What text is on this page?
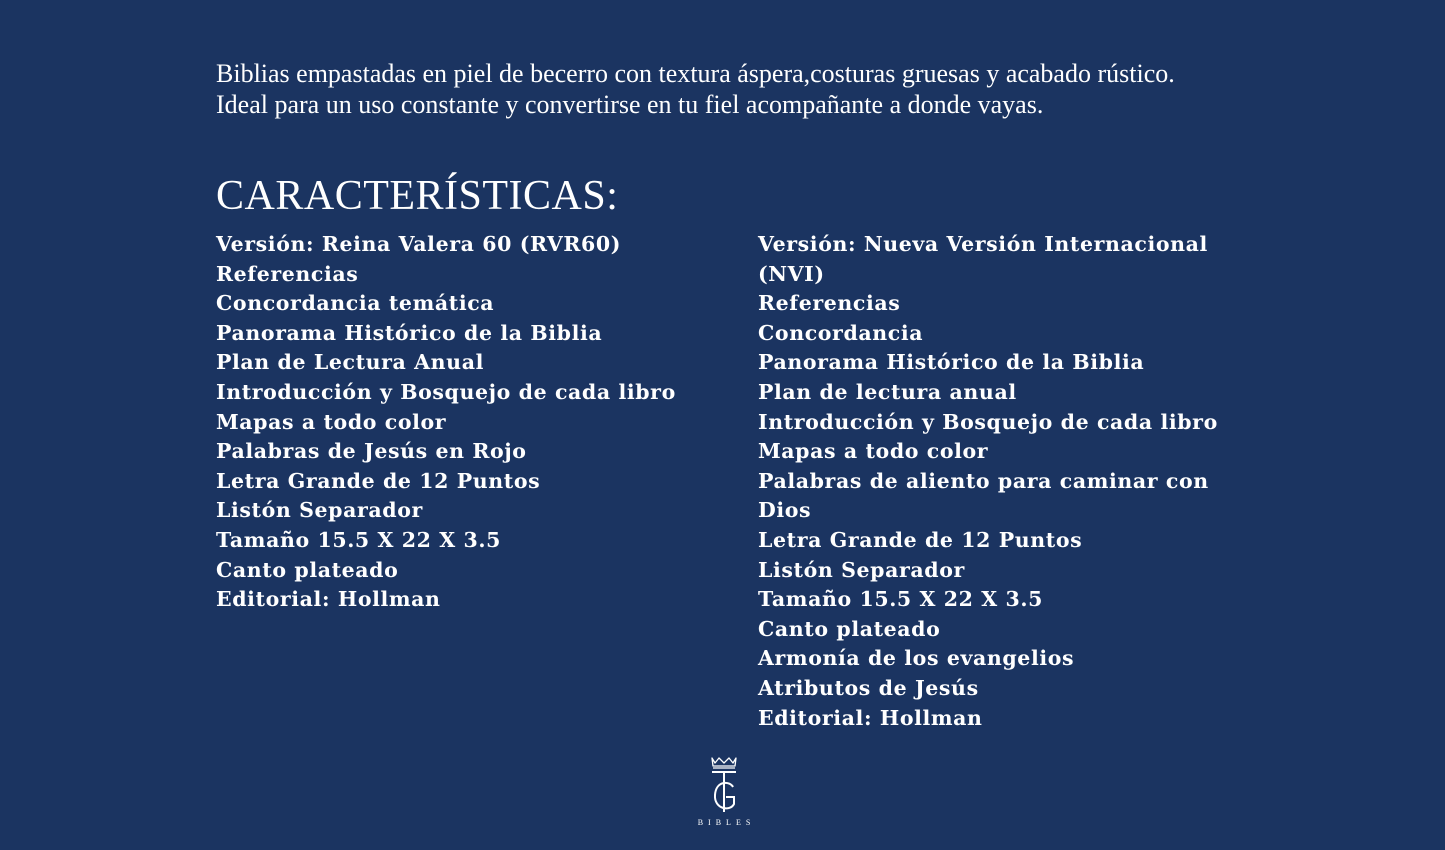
Biblias empastadas en piel de becerro con textura áspera,costuras gruesas y acabado rústico. Ideal para un uso constante y convertirse en tu fiel acompañante a donde vayas.

CARACTERÍSTICAS:
Versión: Reina Valera 60 (RVR60)
Referencias
Concordancia temática
Panorama Histórico de la Biblia
Plan de Lectura Anual
Introducción y Bosquejo de cada libro
Mapas a todo color
Palabras de Jesús en Rojo
Letra Grande de 12 Puntos
Listón Separador
Tamaño 15.5 X 22 X 3.5
Canto plateado
Editorial: Hollman
Versión: Nueva Versión Internacional (NVI)
Referencias
Concordancia
Panorama Histórico de la Biblia
Plan de lectura anual
Introducción y Bosquejo de cada libro
Mapas a todo color
Palabras de aliento para caminar con Dios
Letra Grande de 12 Puntos
Listón Separador
Tamaño 15.5 X 22 X 3.5
Canto plateado
Armonía de los evangelios
Atributos de Jesús
Editorial: Hollman
BIBLES
